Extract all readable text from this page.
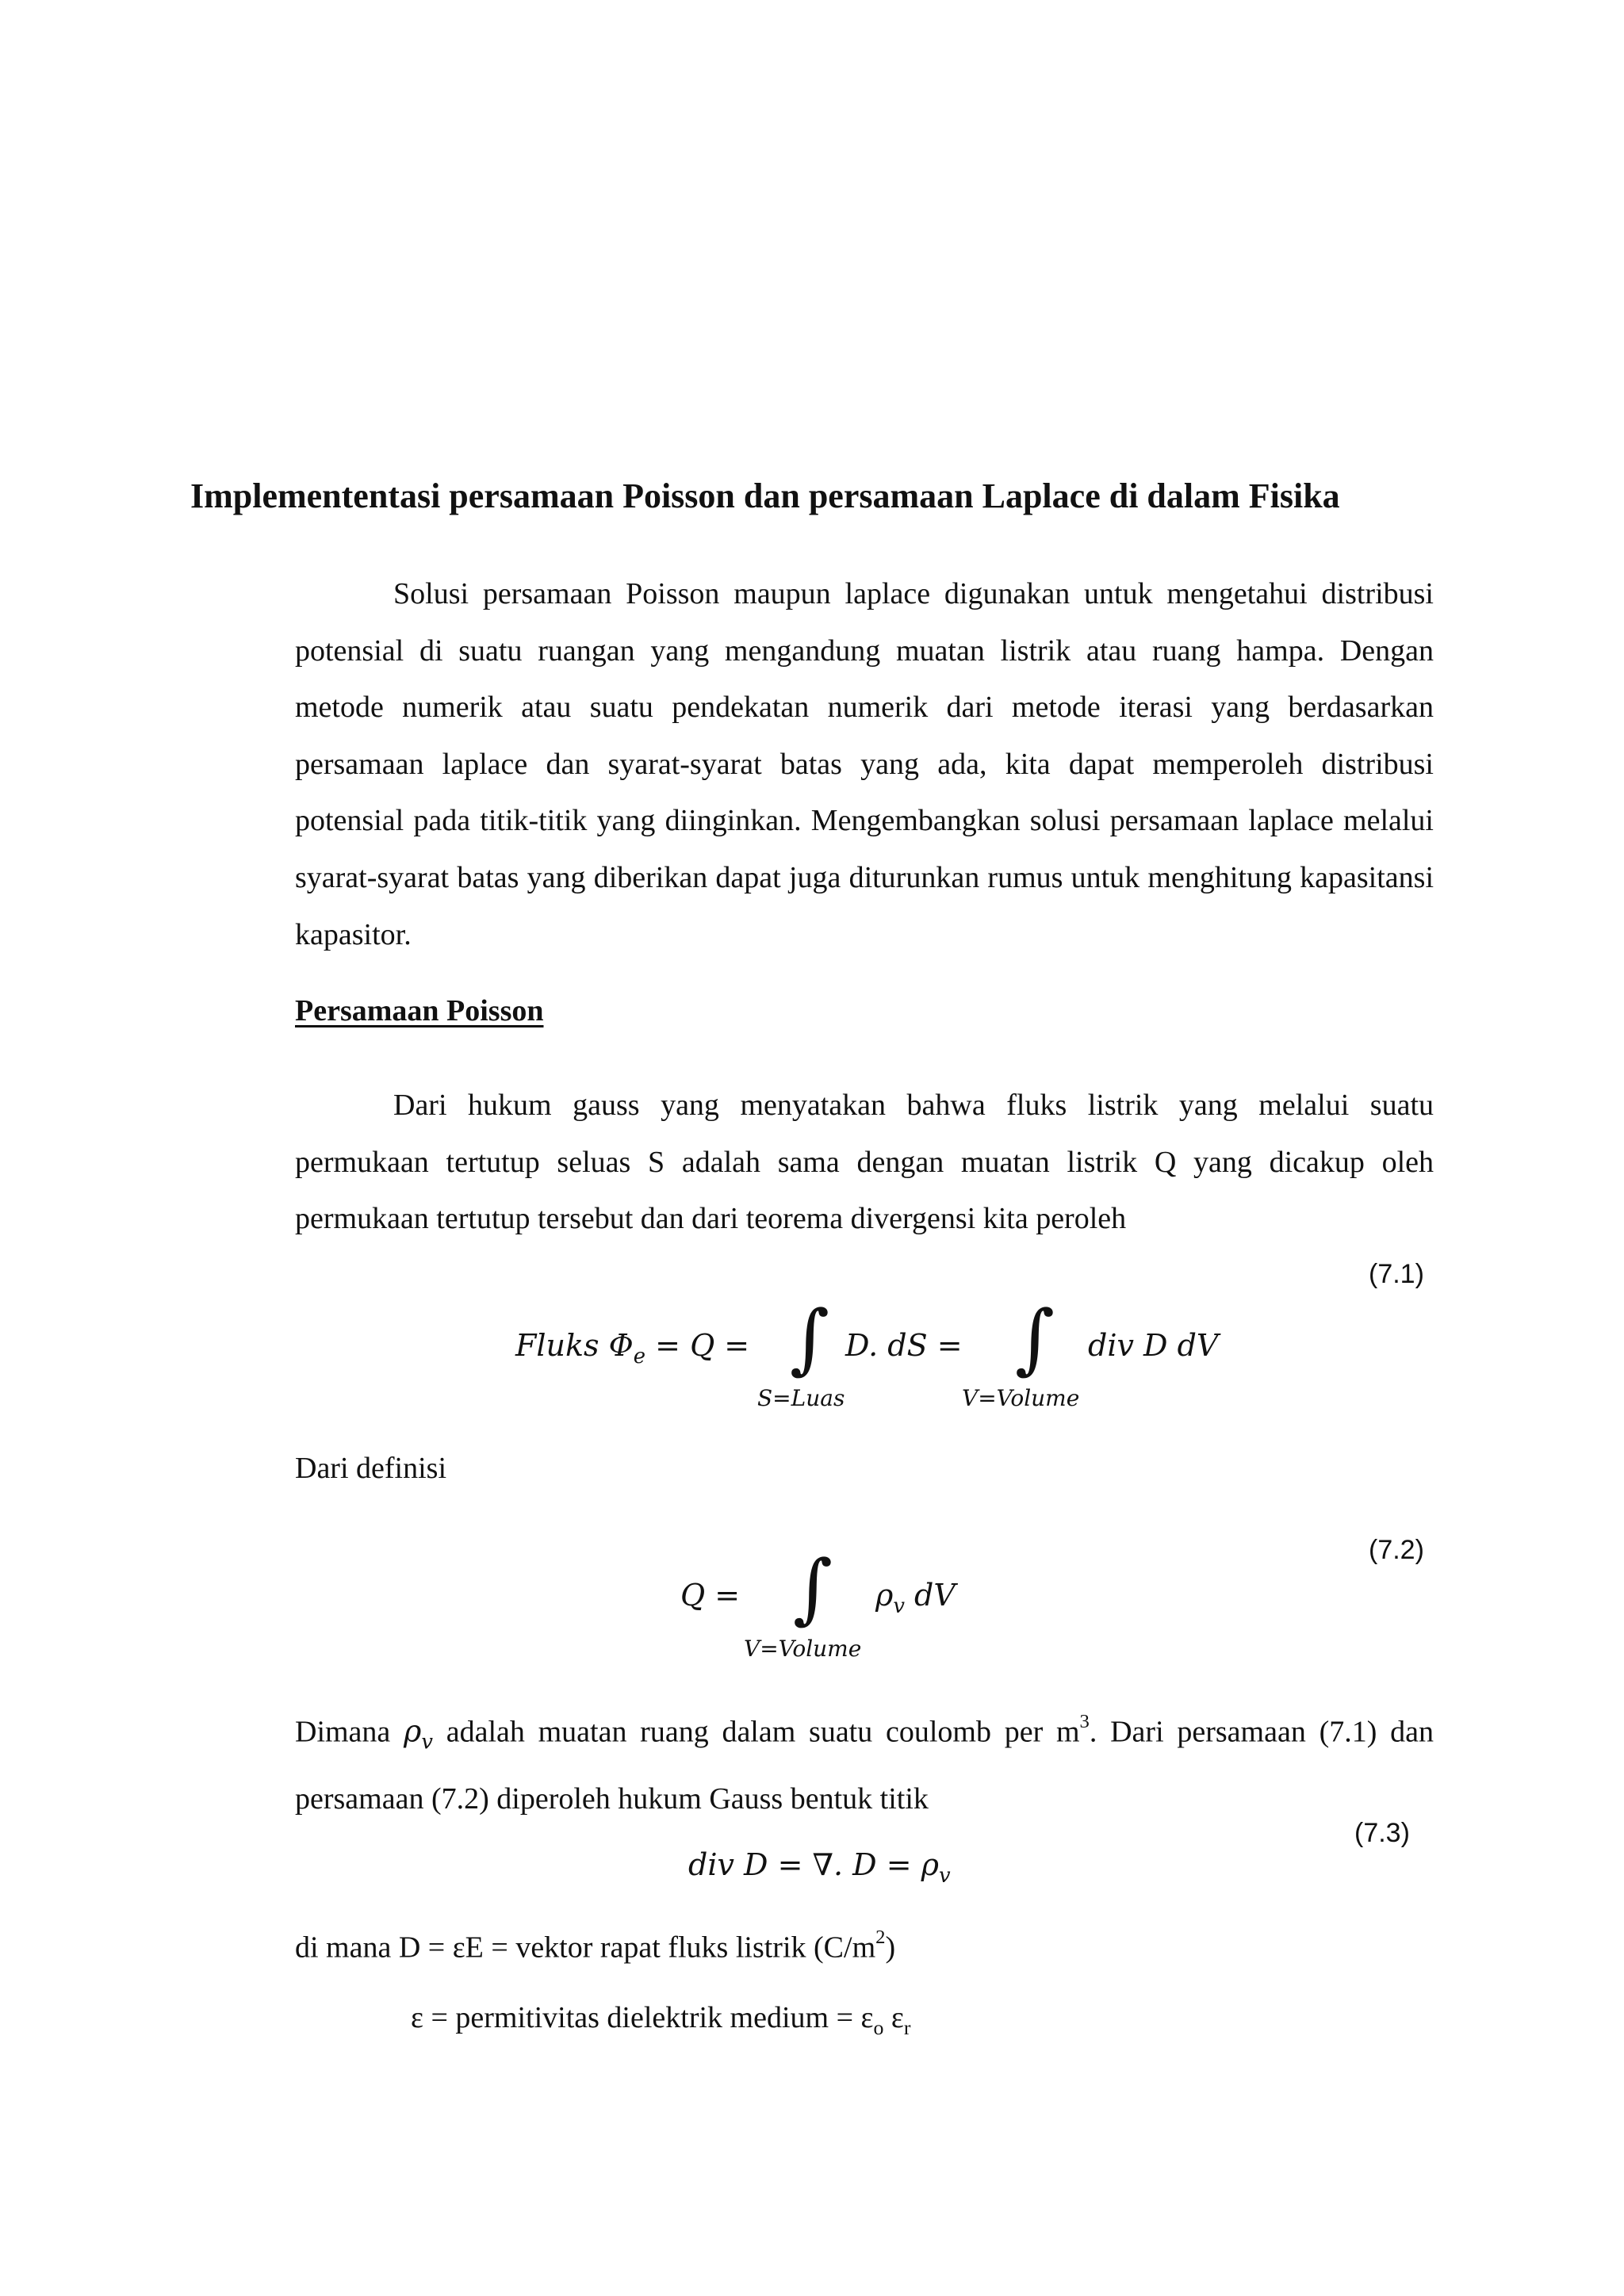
Implemententasi persamaan Poisson dan persamaan Laplace di dalam Fisika

Solusi persamaan Poisson maupun laplace digunakan untuk mengetahui distribusi potensial di suatu ruangan yang mengandung muatan listrik atau ruang hampa. Dengan metode numerik atau suatu pendekatan numerik dari metode iterasi yang berdasarkan persamaan laplace dan syarat-syarat batas yang ada, kita dapat memperoleh distribusi potensial pada titik-titik yang diinginkan. Mengembangkan solusi persamaan laplace melalui syarat-syarat batas yang diberikan dapat juga diturunkan rumus untuk menghitung kapasitansi kapasitor.

Persamaan Poisson

Dari hukum gauss yang menyatakan bahwa fluks listrik yang melalui suatu permukaan tertutup seluas S adalah sama dengan muatan listrik Q yang dicakup oleh permukaan tertutup tersebut dan dari teorema divergensi kita peroleh

(7.1)
Fluks $\Phi_e = Q$ = ∫ D. dS =
S=Luas
∫ div D dV
V=Volume
Dari definisi
(7.2)
Q = ∫ $\rho_v$ dV
V=Volume

Dimana $\rho_v$ adalah muatan ruang dalam suatu coulomb per $m^3$. Dari persamaan (7.1) dan persamaan (7.2) diperoleh hukum Gauss bentuk titik

(7.3)
div D = ∇. $D = \rho_v$
di mana D = εE = vektor rapat fluks listrik $(C/m^2)$
ε = permitivitas dielektrik medium = $\varepsilon_o$ $\varepsilon_r$
